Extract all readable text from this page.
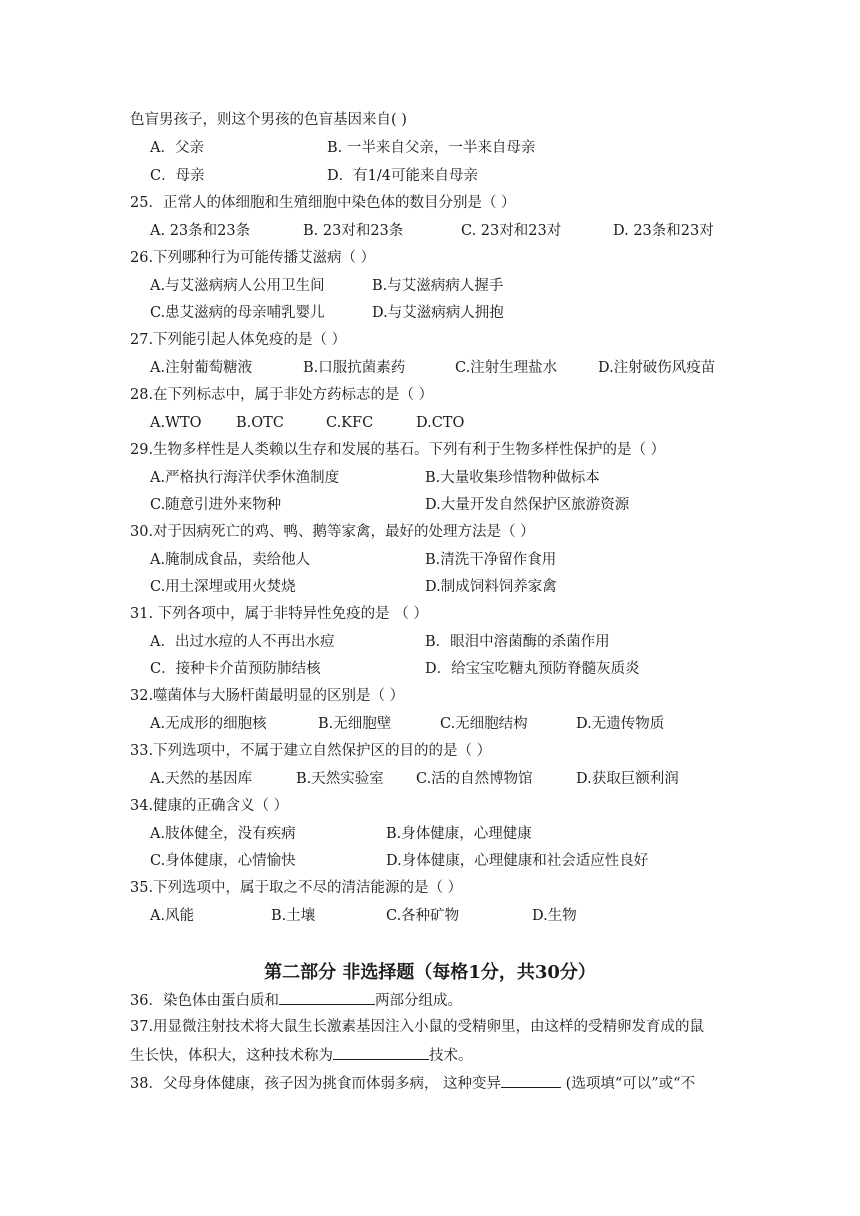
色盲男孩子，则这个男孩的色盲基因来自( )
A．父亲	B. 一半来自父亲，一半来自母亲
C．母亲	D．有1/4可能来自母亲
25．正常人的体细胞和生殖细胞中染色体的数目分别是（ ）
A. 23条和23条	B. 23对和23条	C. 23对和23对	D. 23条和23对
26.下列哪种行为可能传播艾滋病（ ）
A.与艾滋病病人公用卫生间	B.与艾滋病病人握手
C.患艾滋病的母亲哺乳婴儿	D.与艾滋病病人拥抱
27.下列能引起人体免疫的是（ ）
A.注射葡萄糖液	B.口服抗菌素药	C.注射生理盐水	D.注射破伤风疫苗
28.在下列标志中，属于非处方药标志的是（ ）
A.WTO B.OTC	C.KFC	D.CTO
29.生物多样性是人类赖以生存和发展的基石。下列有利于生物多样性保护的是（ ）
A.严格执行海洋伏季休渔制度	B.大量收集珍惜物种做标本
C.随意引进外来物种	D.大量开发自然保护区旅游资源
30.对于因病死亡的鸡、鸭、鹅等家禽，最好的处理方法是（ ）
A.腌制成食品，卖给他人	B.清洗干净留作食用
C.用土深埋或用火焚烧	D.制成饲料饲养家禽
31. 下列各项中，属于非特异性免疫的是 （ ）
A．出过水痘的人不再出水痘	B．眼泪中溶菌酶的杀菌作用
C．接种卡介苗预防肺结核	D．给宝宝吃糖丸预防脊髓灰质炎
32.噬菌体与大肠杆菌最明显的区别是（ ）
A.无成形的细胞核	B.无细胞壁	C.无细胞结构	D.无遗传物质
33.下列选项中，不属于建立自然保护区的目的的是（ ）
A.天然的基因库	B.天然实验室 C.活的自然博物馆	D.获取巨额利润
34.健康的正确含义（ ）
A.肢体健全，没有疾病	B.身体健康，心理健康
C.身体健康，心情愉快	D.身体健康，心理健康和社会适应性良好
35.下列选项中，属于取之不尽的清洁能源的是（ ）
A.风能	B.土壤	C.各种矿物	D.生物
第二部分 非选择题（每格1分，共30分）
36．染色体由蛋白质和	两部分组成。
37.用显微注射技术将大鼠生长激素基因注入小鼠的受精卵里，由这样的受精卵发育成的鼠
生长快，体积大，这种技术称为	技术。
38．父母身体健康，孩子因为挑食而体弱多病， 这种变异	(选项填“可以”或“不
